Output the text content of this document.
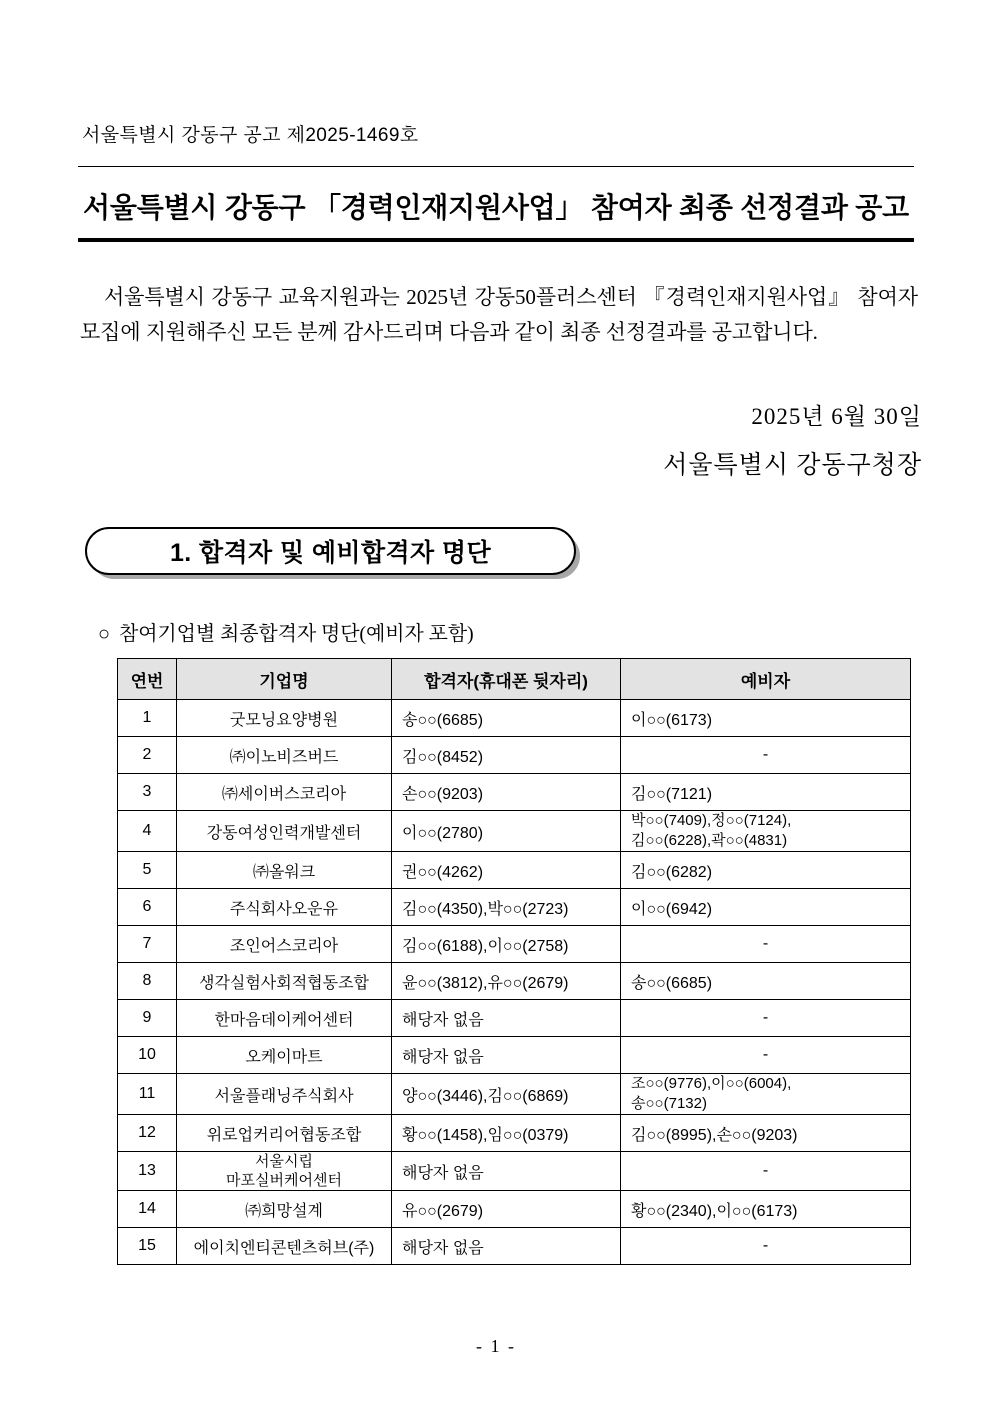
서울특별시 강동구 공고 제2025-1469호
서울특별시 강동구 「경력인재지원사업」 참여자 최종 선정결과 공고
서울특별시 강동구 교육지원과는 2025년 강동50플러스센터 『경력인재지원사업』 참여자 모집에 지원해주신 모든 분께 감사드리며 다음과 같이 최종 선정결과를 공고합니다.
2025년 6월 30일
서울특별시 강동구청장
1. 합격자 및 예비합격자 명단
○ 참여기업별 최종합격자 명단(예비자 포함)
연번	기업명	합격자(휴대폰 뒷자리)	예비자
1	굿모닝요양병원	송○○(6685)	이○○(6173)
2	㈜이노비즈버드	김○○(8452)	-
3	㈜세이버스코리아	손○○(9203)	김○○(7121)
4	강동여성인력개발센터	이○○(2780)	박○○(7409),정○○(7124),
김○○(6228),곽○○(4831)

5	㈜올워크	권○○(4262)	김○○(6282)
6	주식회사오운유	김○○(4350),박○○(2723)	이○○(6942)
7	조인어스코리아	김○○(6188),이○○(2758)	-
8	생각실험사회적협동조합	윤○○(3812),유○○(2679)	송○○(6685)
9	한마음데이케어센터	해당자 없음	-
10	오케이마트	해당자 없음	-
11	서울플래닝주식회사	양○○(3446),김○○(6869)	조○○(9776),이○○(6004),
송○○(7132)

12	위로업커리어협동조합	황○○(1458),임○○(0379)	김○○(8995),손○○(9203)
13	서울시립
마포실버케어센터	해당자 없음	-
14	㈜희망설계	유○○(2679)	황○○(2340),이○○(6173)
15	에이치엔티콘텐츠허브(주)	해당자 없음	-
- 1 -
